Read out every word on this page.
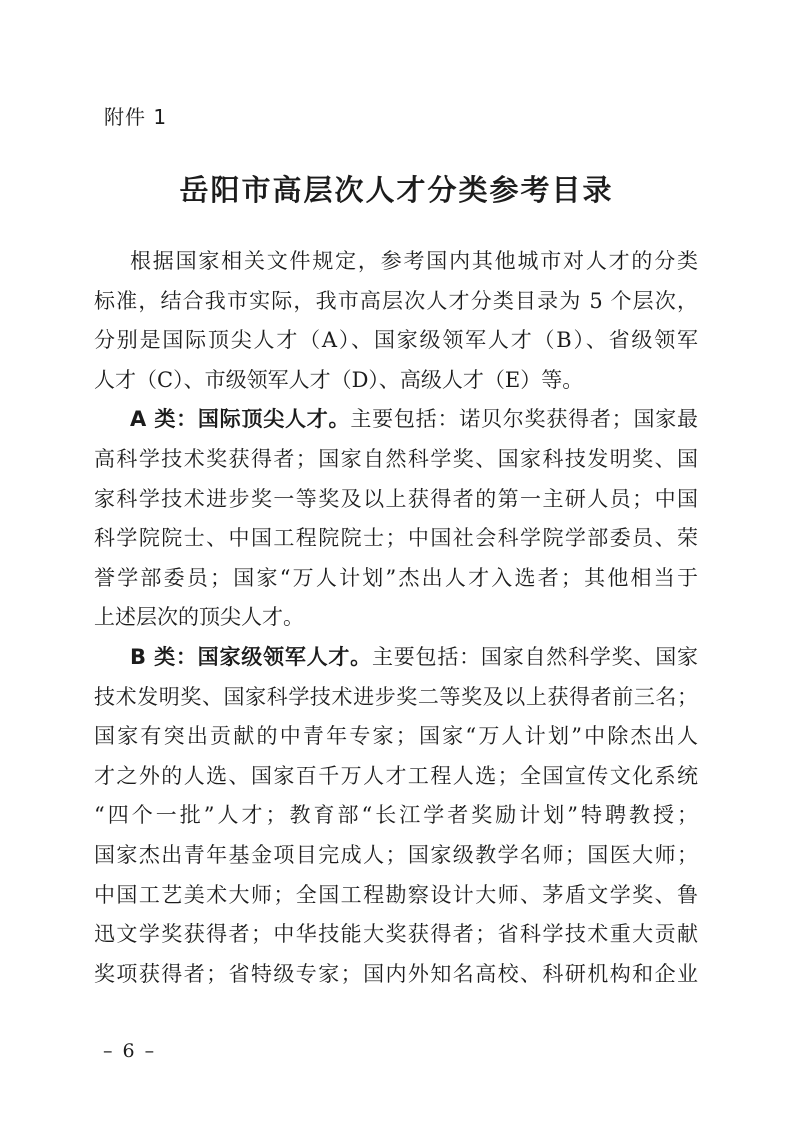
附件 1
岳阳市高层次人才分类参考目录
根据国家相关文件规定，参考国内其他城市对人才的分类
标准，结合我市实际，我市高层次人才分类目录为 5 个层次，
分别是国际顶尖人才（A）、国家级领军人才（B）、省级领军
人才（C）、市级领军人才（D）、高级人才（E）等。
A 类：国际顶尖人才。主要包括：诺贝尔奖获得者；国家最
高科学技术奖获得者；国家自然科学奖、国家科技发明奖、国
家科学技术进步奖一等奖及以上获得者的第一主研人员；中国
科学院院士、中国工程院院士；中国社会科学院学部委员、荣
誉学部委员；国家“万人计划”杰出人才入选者；其他相当于
上述层次的顶尖人才。
B 类：国家级领军人才。主要包括：国家自然科学奖、国家
技术发明奖、国家科学技术进步奖二等奖及以上获得者前三名；
国家有突出贡献的中青年专家；国家“万人计划”中除杰出人
才之外的人选、国家百千万人才工程人选；全国宣传文化系统
“四个一批”人才；教育部“长江学者奖励计划”特聘教授；
国家杰出青年基金项目完成人；国家级教学名师；国医大师；
中国工艺美术大师；全国工程勘察设计大师、茅盾文学奖、鲁
迅文学奖获得者；中华技能大奖获得者；省科学技术重大贡献
奖项获得者；省特级专家；国内外知名高校、科研机构和企业
– 6 –
